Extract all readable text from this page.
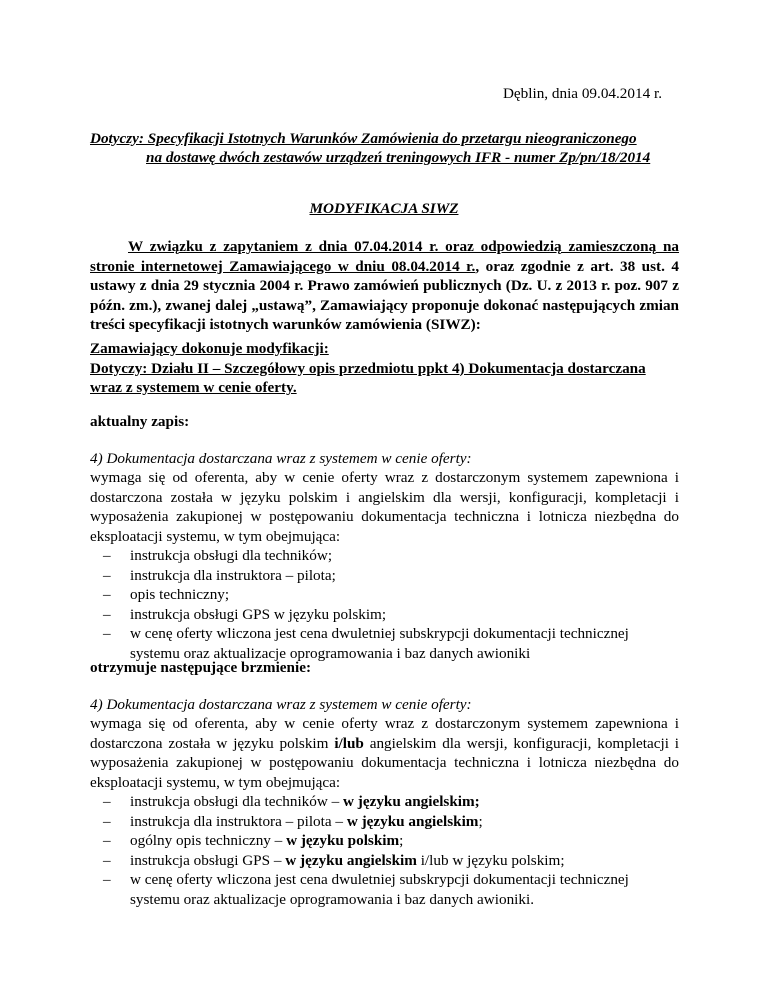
Dęblin, dnia 09.04.2014 r.
Dotyczy: Specyfikacji Istotnych Warunków Zamówienia do przetargu nieograniczonego
na dostawę dwóch zestawów urządzeń treningowych IFR - numer Zp/pn/18/2014
MODYFIKACJA SIWZ

W związku z zapytaniem z dnia 07.04.2014 r. oraz odpowiedzią zamieszczoną na stronie internetowej Zamawiającego w dniu 08.04.2014 r., oraz zgodnie z art. 38 ust. 4 ustawy z dnia 29 stycznia 2004 r. Prawo zamówień publicznych (Dz. U. z 2013 r. poz. 907 z późn. zm.), zwanej dalej „ustawą”, Zamawiający proponuje dokonać następujących zmian treści specyfikacji istotnych warunków zamówienia (SIWZ):

Zamawiający dokonuje modyfikacji:
Dotyczy: Działu II – Szczegółowy opis przedmiotu ppkt 4) Dokumentacja dostarczana wraz z systemem w cenie oferty.
aktualny zapis:
4) Dokumentacja dostarczana wraz z systemem w cenie oferty:

wymaga się od oferenta, aby w cenie oferty wraz z dostarczonym systemem zapewniona i dostarczona została w języku polskim i angielskim dla wersji, konfiguracji, kompletacji i wyposażenia zakupionej w postępowaniu dokumentacja techniczna i lotnicza niezbędna do eksploatacji systemu, w tym obejmująca:

– instrukcja obsługi dla techników;
– instrukcja dla instruktora – pilota;
– opis techniczny;
– instrukcja obsługi GPS w języku polskim;
– w cenę oferty wliczona jest cena dwuletniej subskrypcji dokumentacji technicznej systemu oraz aktualizacje oprogramowania i baz danych awioniki
otrzymuje następujące brzmienie:
4) Dokumentacja dostarczana wraz z systemem w cenie oferty:

wymaga się od oferenta, aby w cenie oferty wraz z dostarczonym systemem zapewniona i dostarczona została w języku polskim i/lub angielskim dla wersji, konfiguracji, kompletacji i wyposażenia zakupionej w postępowaniu dokumentacja techniczna i lotnicza niezbędna do eksploatacji systemu, w tym obejmująca:

– instrukcja obsługi dla techników – w języku angielskim;
– instrukcja dla instruktora – pilota – w języku angielskim;
– ogólny opis techniczny – w języku polskim;
– instrukcja obsługi GPS – w języku angielskim i/lub w języku polskim;
– w cenę oferty wliczona jest cena dwuletniej subskrypcji dokumentacji technicznej systemu oraz aktualizacje oprogramowania i baz danych awioniki.
